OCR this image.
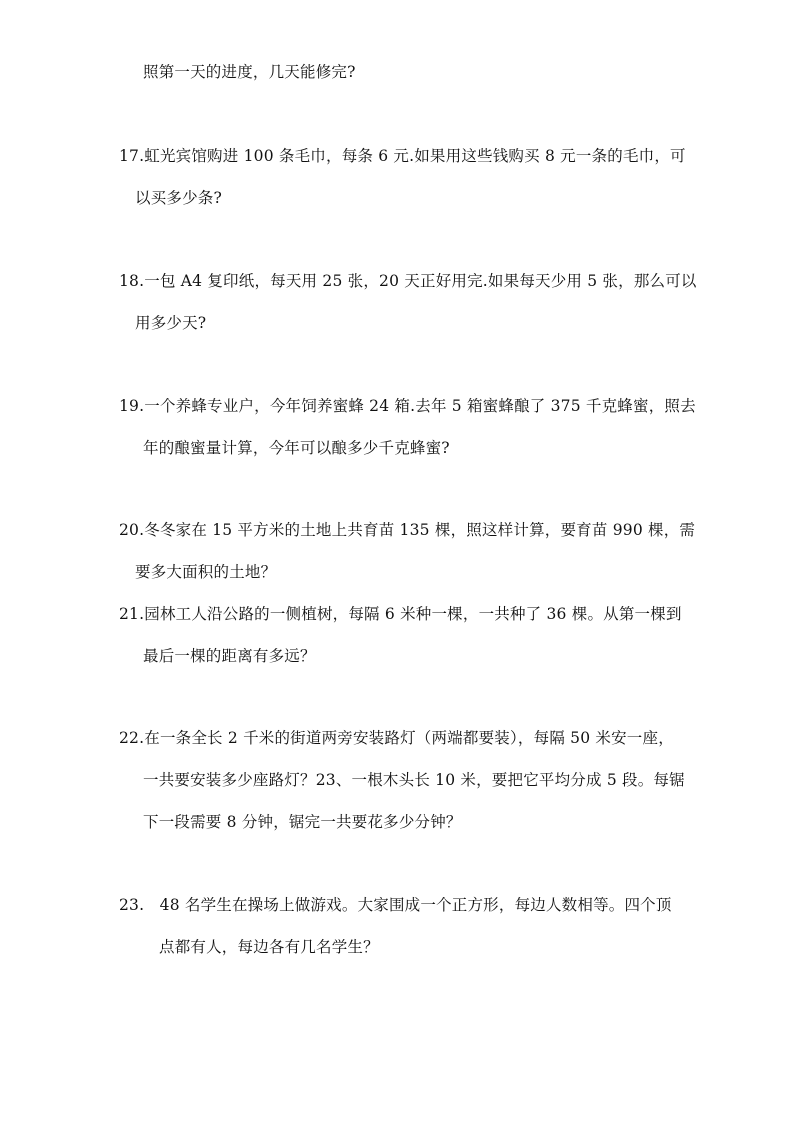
照第一天的进度，几天能修完?
17.虹光宾馆购进 100 条毛巾，每条 6 元.如果用这些钱购买 8 元一条的毛巾，可
以买多少条?
18.一包 A4 复印纸，每天用 25 张，20 天正好用完.如果每天少用 5 张，那么可以
用多少天?
19.一个养蜂专业户，今年饲养蜜蜂 24 箱.去年 5 箱蜜蜂酿了 375 千克蜂蜜，照去
年的酿蜜量计算，今年可以酿多少千克蜂蜜?
20.冬冬家在 15 平方米的土地上共育苗 135 棵，照这样计算，要育苗 990 棵，需
要多大面积的土地？
21.园林工人沿公路的一侧植树，每隔 6 米种一棵，一共种了 36 棵。从第一棵到
最后一棵的距离有多远？
22.在一条全长 2 千米的街道两旁安装路灯（两端都要装），每隔 50 米安一座，
一共要安装多少座路灯？23、一根木头长 10 米，要把它平均分成 5 段。每锯
下一段需要 8 分钟，锯完一共要花多少分钟？
23.   48 名学生在操场上做游戏。大家围成一个正方形，每边人数相等。四个顶
点都有人，每边各有几名学生？
